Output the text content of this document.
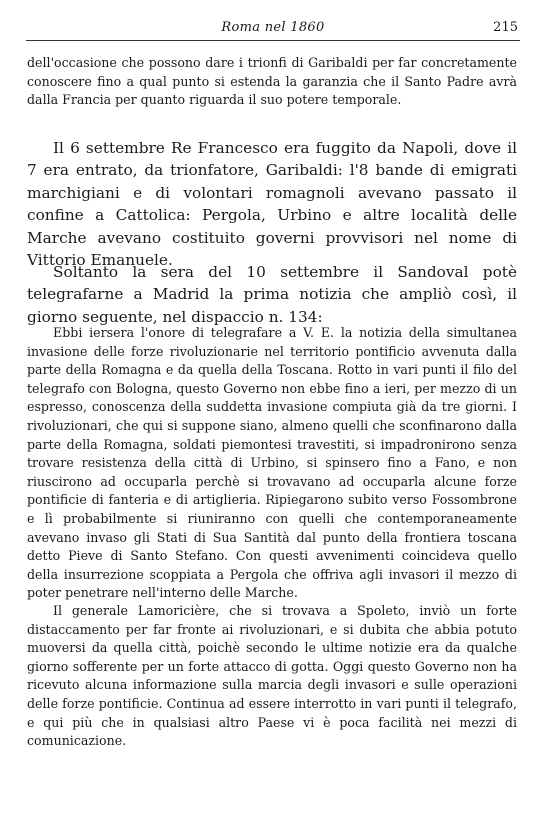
Roma nel 1860	215

dell'occasione che possono dare i trionfi di Garibaldi per far concretamente conoscere fino a qual punto si estenda la garanzia che il Santo Padre avrà dalla Francia per quanto riguarda il suo potere temporale.

Il 6 settembre Re Francesco era fuggito da Napoli, dove il 7 era entrato, da trionfatore, Garibaldi: l'8 bande di emigrati marchigiani e di volontari romagnoli avevano passato il confine a Cattolica: Pergola, Urbino e altre località delle Marche avevano costituito governi provvisori nel nome di Vittorio Emanuele.

Soltanto la sera del 10 settembre il Sandoval potè telegrafarne a Madrid la prima notizia che ampliò così, il giorno seguente, nel dispaccio n. 134:

Ebbi iersera l'onore di telegrafare a V. E. la notizia della simultanea invasione delle forze rivoluzionarie nel territorio pontificio avvenuta dalla parte della Romagna e da quella della Toscana. Rotto in vari punti il filo del telegrafo con Bologna, questo Governo non ebbe fino a ieri, per mezzo di un espresso, conoscenza della suddetta invasione compiuta già da tre giorni. I rivoluzionari, che qui si suppone siano, almeno quelli che sconfinarono dalla parte della Romagna, soldati piemontesi travestiti, si impadronirono senza trovare resistenza della città di Urbino, si spinsero fino a Fano, e non riuscirono ad occuparla perchè si trovavano ad occuparla alcune forze pontificie di fanteria e di artiglieria. Ripiegarono subito verso Fossombrone e lì probabilmente si riuniranno con quelli che contemporaneamente avevano invaso gli Stati di Sua Santità dal punto della frontiera toscana detto Pieve di Santo Stefano. Con questi avvenimenti coincideva quello della insurrezione scoppiata a Pergola che offriva agli invasori il mezzo di poter penetrare nell'interno delle Marche.

Il generale Lamoricière, che si trovava a Spoleto, inviò un forte distaccamento per far fronte ai rivoluzionari, e si dubita che abbia potuto muoversi da quella città, poichè secondo le ultime notizie era da qualche giorno sofferente per un forte attacco di gotta. Oggi questo Governo non ha ricevuto alcuna informazione sulla marcia degli invasori e sulle operazioni delle forze pontificie. Continua ad essere interrotto in vari punti il telegrafo, e qui più che in qualsiasi altro Paese vi è poca facilità nei mezzi di comunicazione.
